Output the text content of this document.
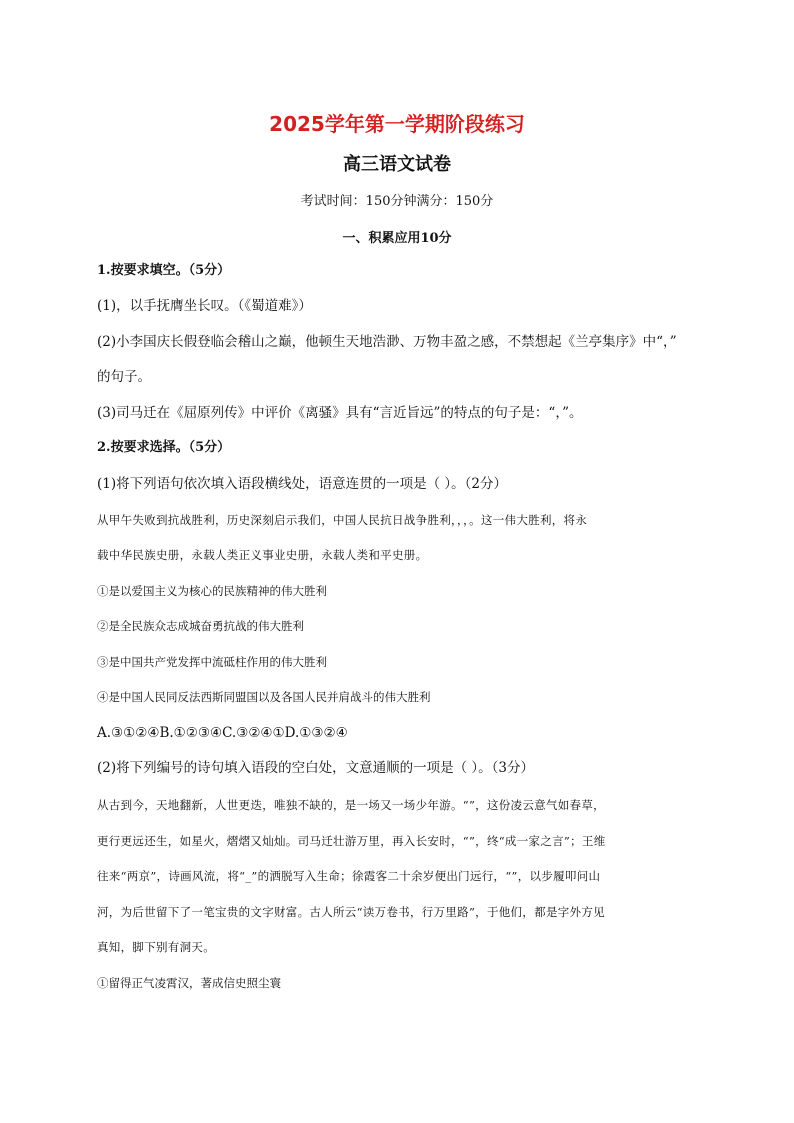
2025学年第一学期阶段练习
高三语文试卷
考试时间：150分钟满分：150分
一、积累应用10分
1.按要求填空。（5分）
(1)，以手抚膺坐长叹。（《蜀道难》）
(2)小李国庆长假登临会稽山之巅，他顿生天地浩渺、万物丰盈之感，不禁想起《兰亭集序》中“，”
的句子。
(3)司马迁在《屈原列传》中评价《离骚》具有“言近旨远”的特点的句子是：“，”。
2.按要求选择。（5分）
(1)将下列语句依次填入语段横线处，语意连贯的一项是（ ）。（2分）
从甲午失败到抗战胜利，历史深刻启示我们，中国人民抗日战争胜利，，，。这一伟大胜利，将永
载中华民族史册，永载人类正义事业史册，永载人类和平史册。
①是以爱国主义为核心的民族精神的伟大胜利
②是全民族众志成城奋勇抗战的伟大胜利
③是中国共产党发挥中流砥柱作用的伟大胜利
④是中国人民同反法西斯同盟国以及各国人民并肩战斗的伟大胜利
A.③①②④B.①②③④C.③②④①D.①③②④
(2)将下列编号的诗句填入语段的空白处，文意通顺的一项是（ ）。（3分）
从古到今，天地翻新，人世更迭，唯独不缺的，是一场又一场少年游。“”，这份凌云意气如春草，
更行更远还生，如星火，熠熠又灿灿。司马迁壮游万里，再入长安时，“”，终“成一家之言”；王维
往来“两京”，诗画风流，将“_”的洒脱写入生命；徐霞客二十余岁便出门远行，“”，以步履叩问山
河，为后世留下了一笔宝贵的文字财富。古人所云“读万卷书，行万里路”，于他们，都是字外方见
真知，脚下别有洞天。
①留得正气凌霄汉，著成信史照尘寰
